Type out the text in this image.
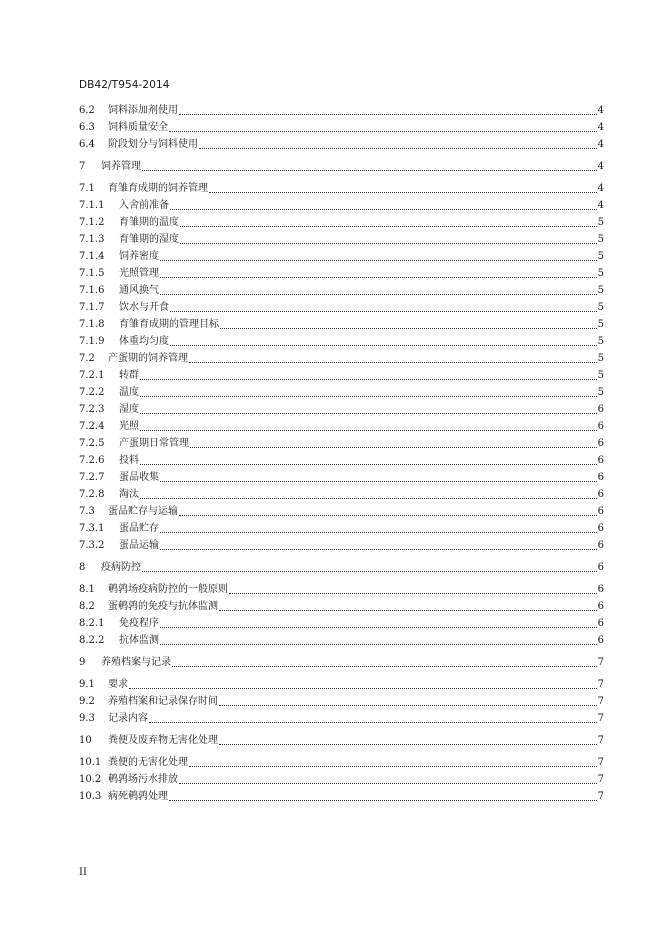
DB42/T954-2014
6.2	饲料添加剂使用	4
6.3	饲料质量安全	4
6.4	阶段划分与饲料使用	4
7	饲养管理	4
7.1	育雏育成期的饲养管理	4
7.1.1	入舍前准备	4
7.1.2	育雏期的温度	5
7.1.3	育雏期的湿度	5
7.1.4	饲养密度	5
7.1.5	光照管理	5
7.1.6	通风换气	5
7.1.7	饮水与开食	5
7.1.8	育雏育成期的管理目标	5
7.1.9	体重均匀度	5
7.2	产蛋期的饲养管理	5
7.2.1	转群	5
7.2.2	温度	5
7.2.3	湿度	6
7.2.4	光照	6
7.2.5	产蛋期日常管理	6
7.2.6	投料	6
7.2.7	蛋品收集	6
7.2.8	淘汰	6
7.3	蛋品贮存与运输	6
7.3.1	蛋品贮存	6
7.3.2	蛋品运输	6
8	疫病防控	6
8.1	鹌鹑场疫病防控的一般原则	6
8.2	蛋鹌鹑的免疫与抗体监测	6
8.2.1	免疫程序	6
8.2.2	抗体监测	6
9	养殖档案与记录	7
9.1	要求	7
9.2	养殖档案和记录保存时间	7
9.3	记录内容	7
10	粪便及废弃物无害化处理	7
10.1 粪便的无害化处理	7
10.2 鹌鹑场污水排放	7
10.3 病死鹌鹑处理	7
II
